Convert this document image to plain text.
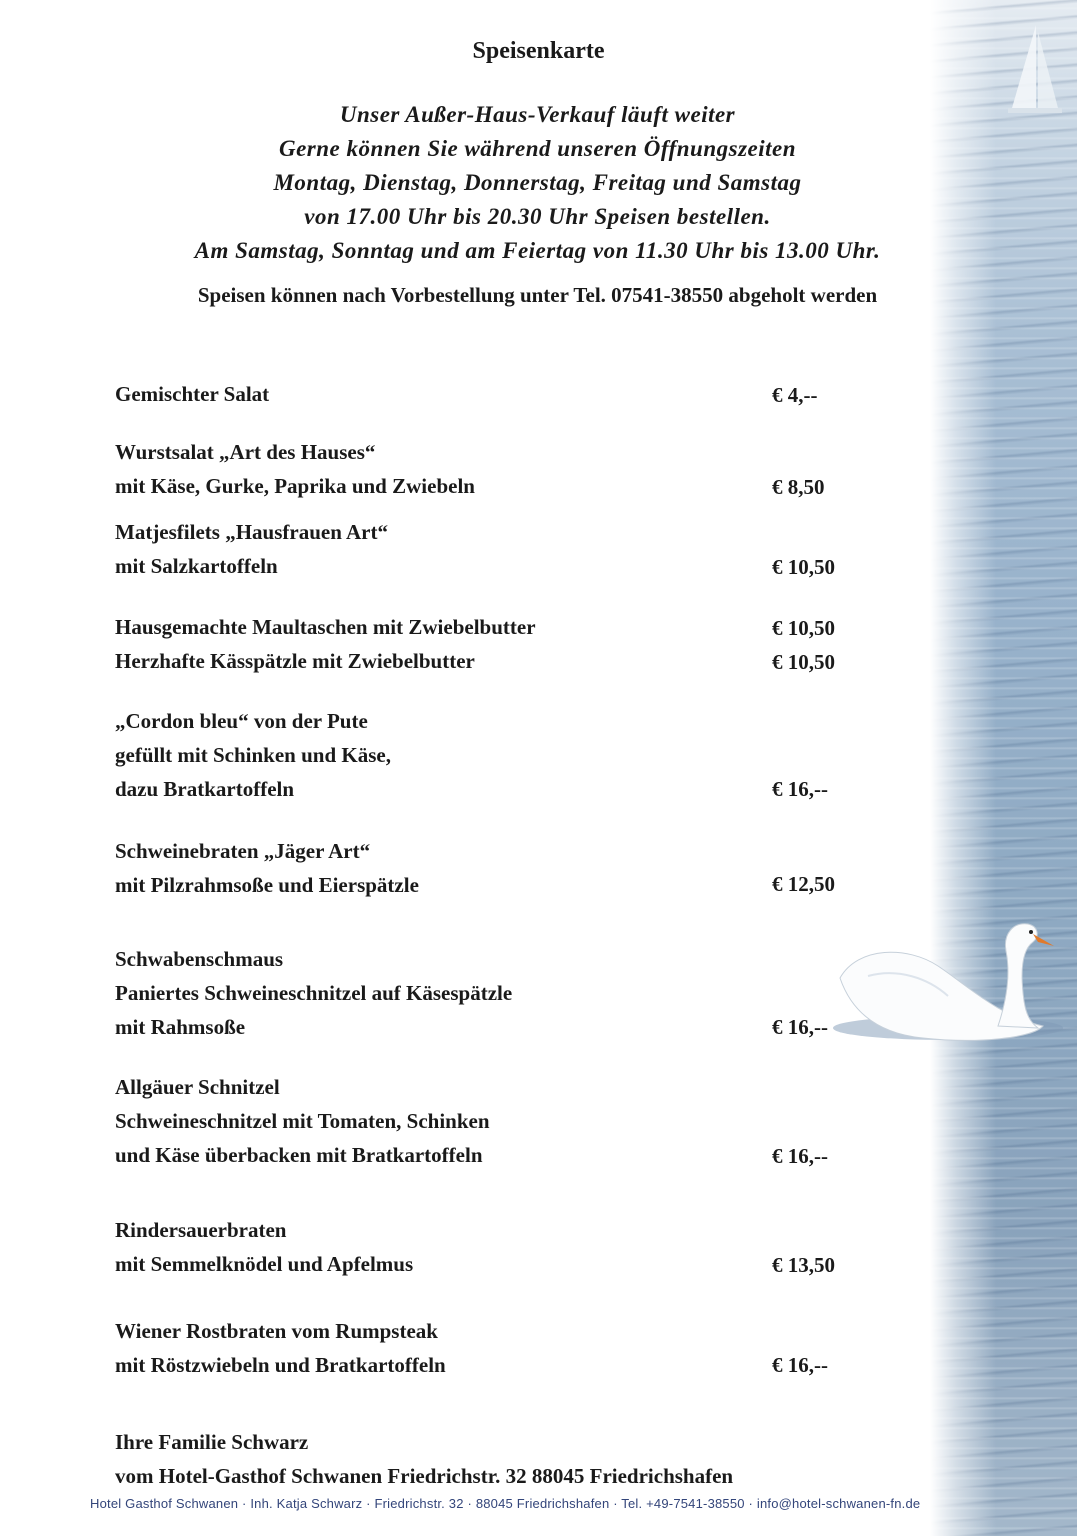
Speisenkarte
Unser Außer-Haus-Verkauf läuft weiter
Gerne können Sie während unseren Öffnungszeiten
Montag, Dienstag, Donnerstag, Freitag und Samstag
von 17.00 Uhr bis 20.30 Uhr Speisen bestellen.
Am Samstag, Sonntag und am Feiertag von 11.30 Uhr bis 13.00 Uhr.
Speisen können nach Vorbestellung unter Tel. 07541-38550 abgeholt werden
Gemischter Salat	€ 4,--
Wurstsalat „Art des Hauses“
mit Käse, Gurke, Paprika und Zwiebeln	€ 8,50
Matjesfilets „Hausfrauen Art“
mit Salzkartoffeln	€ 10,50
Hausgemachte Maultaschen mit Zwiebelbutter	€ 10,50
Herzhafte Kässpätzle mit Zwiebelbutter	€ 10,50
„Cordon bleu“ von der Pute
gefüllt mit Schinken und Käse,
dazu Bratkartoffeln	€ 16,--
Schweinebraten „Jäger Art“
mit Pilzrahmsoße und Eierspätzle	€ 12,50
Schwabenschmaus
Paniertes Schweineschnitzel auf Käsespätzle
mit Rahmsoße	€ 16,--
Allgäuer Schnitzel
Schweineschnitzel mit Tomaten, Schinken
und Käse überbacken mit Bratkartoffeln	€ 16,--
Rindersauerbraten
mit Semmelknödel und Apfelmus	€ 13,50
Wiener Rostbraten vom Rumpsteak
mit Röstzwiebeln und Bratkartoffeln	€ 16,--
Ihre Familie Schwarz
vom Hotel-Gasthof Schwanen Friedrichstr. 32 88045 Friedrichshafen
Hotel Gasthof Schwanen · Inh. Katja Schwarz · Friedrichstr. 32 · 88045 Friedrichshafen · Tel. +49-7541-38550 · info@hotel-schwanen-fn.de
